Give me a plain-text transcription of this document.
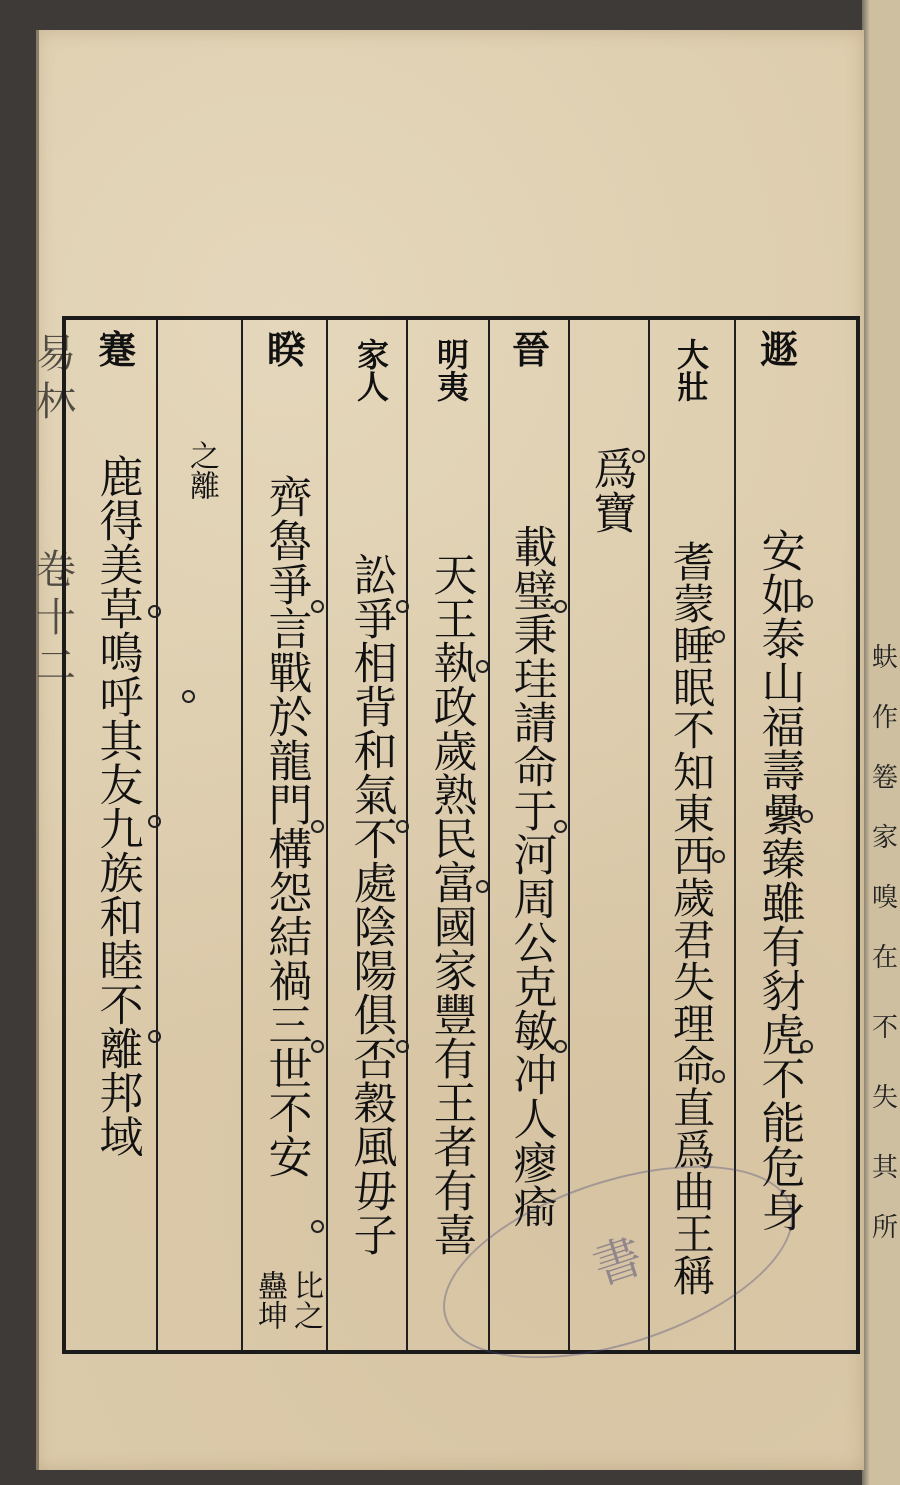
蚨
作
箞
家
嗅
在
不
失
其
所
易
林
卷
十
二
遯
安如泰山福壽纍臻雖有豺虎不能危身
大壯
耆蒙睡眠不知東西歲君失理命直爲曲王稱
爲寶
晉
載璧秉珪請命于河周公克敏冲人瘳瘉
明夷
天王執政歲熟民富國家豐有王者有喜
家人
訟爭相背和氣不處陰陽俱否穀風毋子
睽
齊魯爭言戰於龍門構怨結禍三世不安
比之蠱坤
之離
蹇
鹿得美草鳴呼其友九族和睦不離邦域
書
